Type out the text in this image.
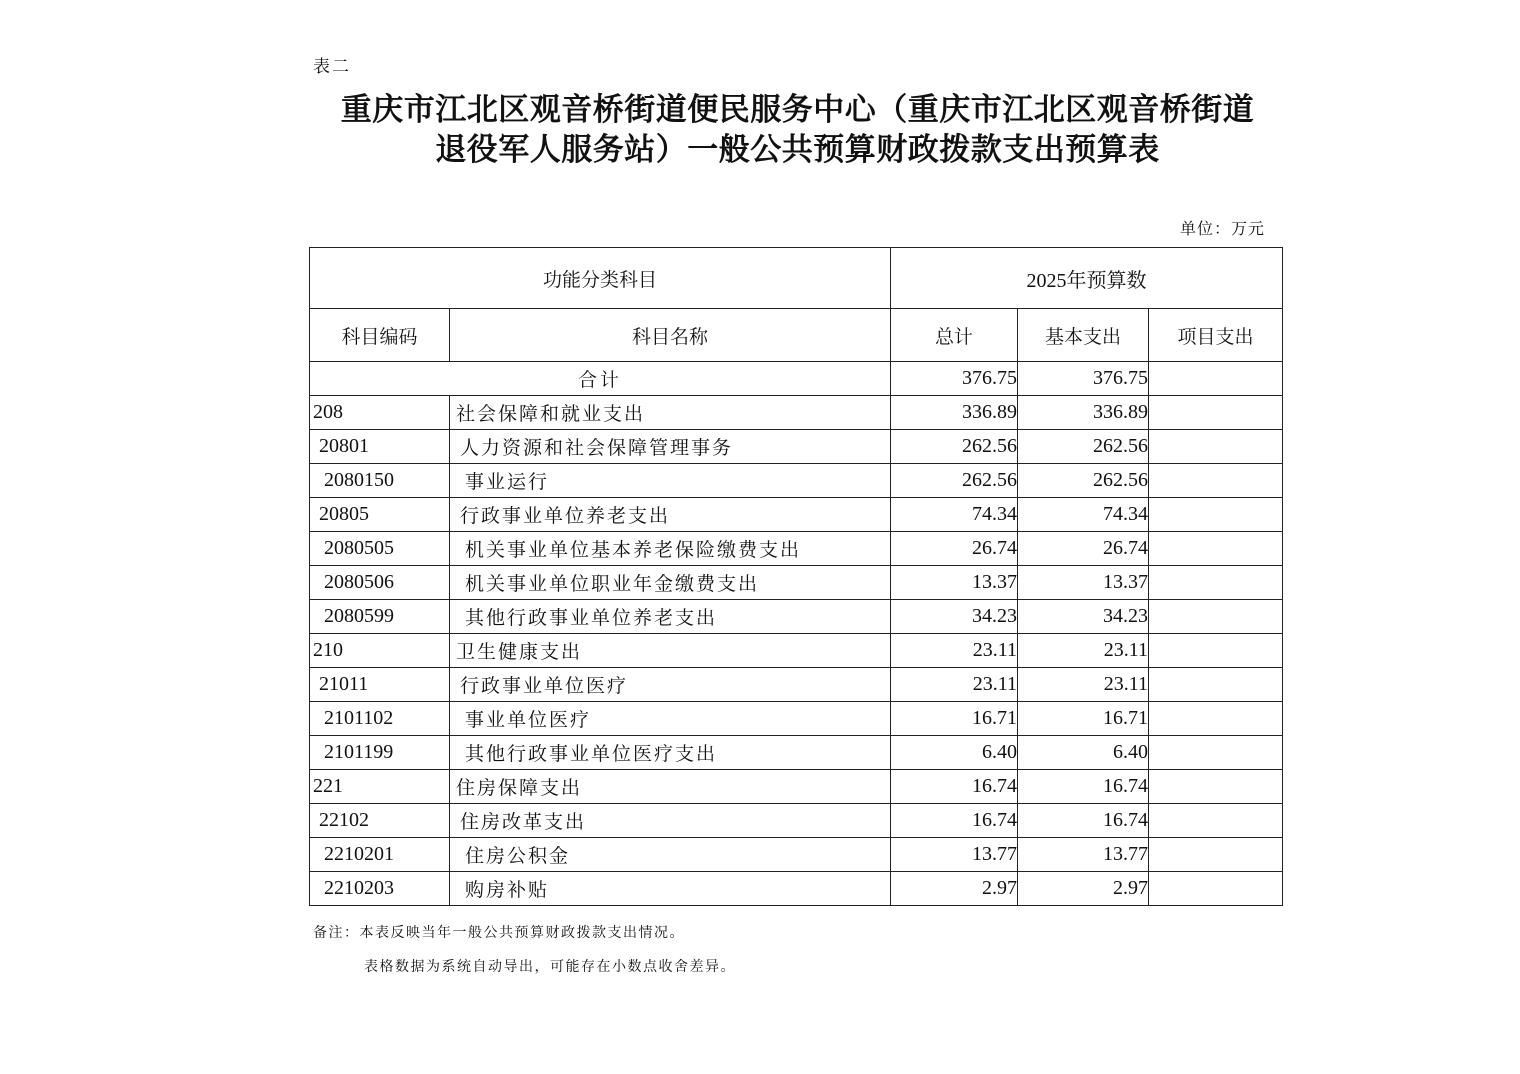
表二
重庆市江北区观音桥街道便民服务中心（重庆市江北区观音桥街道
退役军人服务站）一般公共预算财政拨款支出预算表
单位：万元
功能分类科目		2025年预算数		
科目编码	科目名称	总计	基本支出	项目支出
合计		376.75	376.75	
208	社会保障和就业支出	336.89	336.89	
20801	人力资源和社会保障管理事务	262.56	262.56	
2080150	事业运行	262.56	262.56	
20805	行政事业单位养老支出	74.34	74.34	
2080505	机关事业单位基本养老保险缴费支出	26.74	26.74	
2080506	机关事业单位职业年金缴费支出	13.37	13.37	
2080599	其他行政事业单位养老支出	34.23	34.23	
210	卫生健康支出	23.11	23.11	
21011	行政事业单位医疗	23.11	23.11	
2101102	事业单位医疗	16.71	16.71	
2101199	其他行政事业单位医疗支出	6.40	6.40	
221	住房保障支出	16.74	16.74	
22102	住房改革支出	16.74	16.74	
2210201	住房公积金	13.77	13.77	
2210203	购房补贴	2.97	2.97	
备注：本表反映当年一般公共预算财政拨款支出情况。
表格数据为系统自动导出，可能存在小数点收舍差异。
